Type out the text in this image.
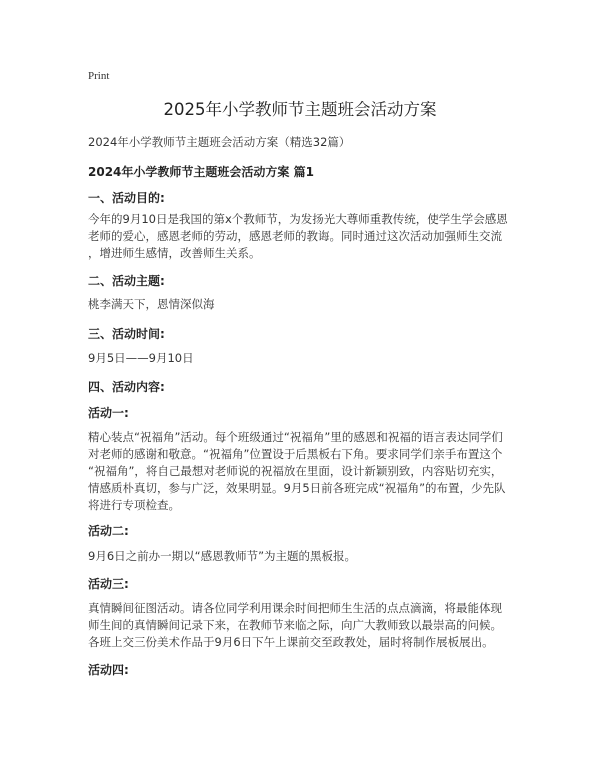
Print
2025年小学教师节主题班会活动方案
2024年小学教师节主题班会活动方案（精选32篇）
2024年小学教师节主题班会活动方案 篇1
一、活动目的:
今年的9月10日是我国的第x个教师节，为发扬光大尊师重教传统，使学生学会感恩
老师的爱心，感恩老师的劳动，感恩老师的教诲。同时通过这次活动加强师生交流
，增进师生感情，改善师生关系。
二、活动主题:
桃李满天下，恩情深似海
三、活动时间:
9月5日——9月10日
四、活动内容:
活动一:
精心装点“祝福角”活动。每个班级通过“祝福角”里的感恩和祝福的语言表达同学们
对老师的感谢和敬意。“祝福角”位置设于后黑板右下角。要求同学们亲手布置这个
“祝福角”，将自己最想对老师说的祝福放在里面，设计新颖别致，内容贴切充实，
情感质朴真切，参与广泛，效果明显。9月5日前各班完成“祝福角”的布置，少先队
将进行专项检查。
活动二:
9月6日之前办一期以“感恩教师节”为主题的黑板报。
活动三:
真情瞬间征图活动。请各位同学利用课余时间把师生生活的点点滴滴，将最能体现
师生间的真情瞬间记录下来，在教师节来临之际，向广大教师致以最崇高的问候。
各班上交三份美术作品于9月6日下午上课前交至政教处，届时将制作展板展出。
活动四:
